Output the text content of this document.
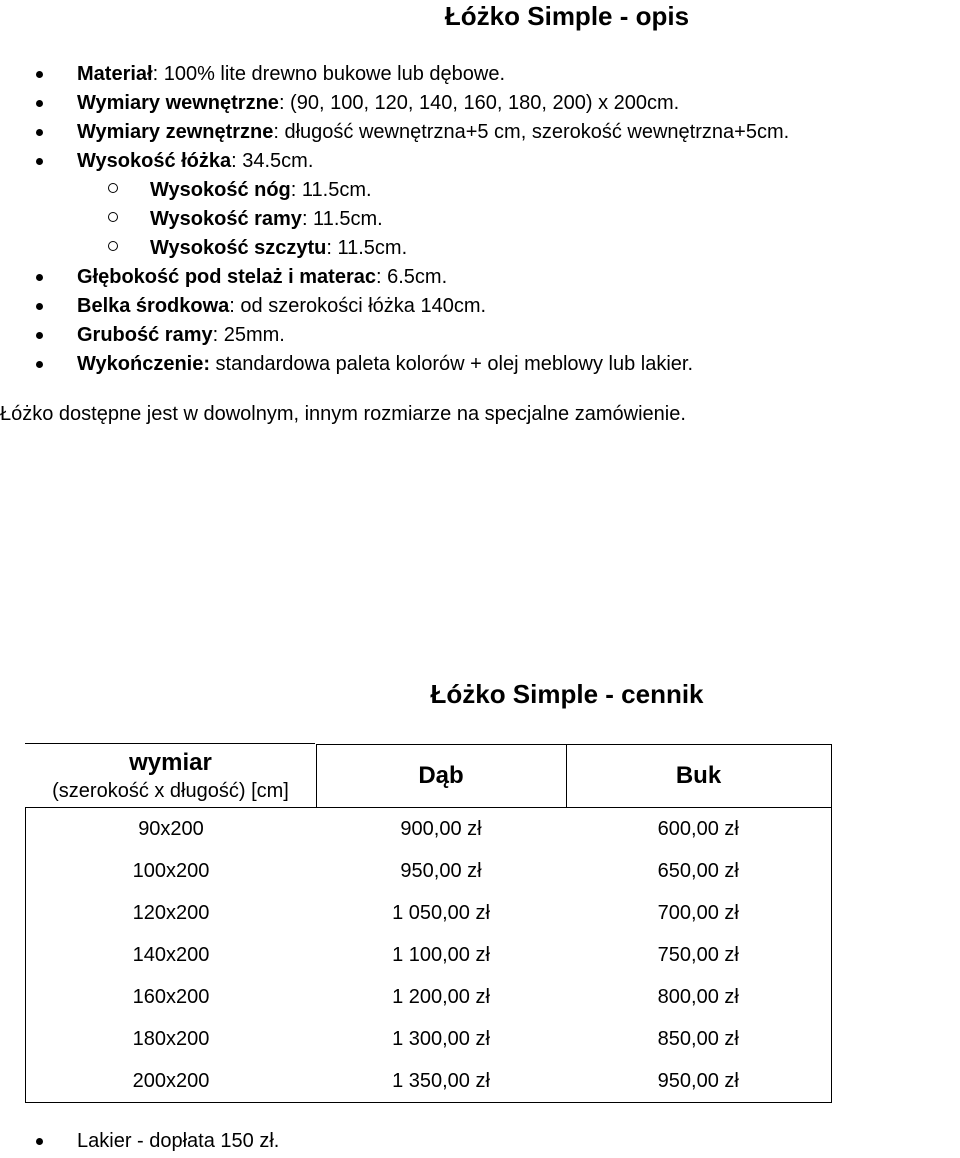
Łóżko Simple - opis
Materiał: 100% lite drewno bukowe lub dębowe.
Wymiary wewnętrzne: (90, 100, 120, 140, 160, 180, 200) x 200cm.
Wymiary zewnętrzne: długość wewnętrzna+5 cm, szerokość wewnętrzna+5cm.
Wysokość łóżka: 34.5cm.
Wysokość nóg: 11.5cm.
Wysokość ramy: 11.5cm.
Wysokość szczytu: 11.5cm.
Głębokość pod stelaż i materac: 6.5cm.
Belka środkowa: od szerokości łóżka 140cm.
Grubość ramy: 25mm.
Wykończenie: standardowa paleta kolorów + olej meblowy lub lakier.
Łóżko dostępne jest w dowolnym, innym rozmiarze na specjalne zamówienie.
Łóżko Simple - cennik
wymiar
(szerokość x długość) [cm]	Dąb	Buk
90x200	900,00 zł	600,00 zł
100x200	950,00 zł	650,00 zł
120x200	1 050,00 zł	700,00 zł
140x200	1 100,00 zł	750,00 zł
160x200	1 200,00 zł	800,00 zł
180x200	1 300,00 zł	850,00 zł
200x200	1 350,00 zł	950,00 zł
Lakier - dopłata 150 zł.
